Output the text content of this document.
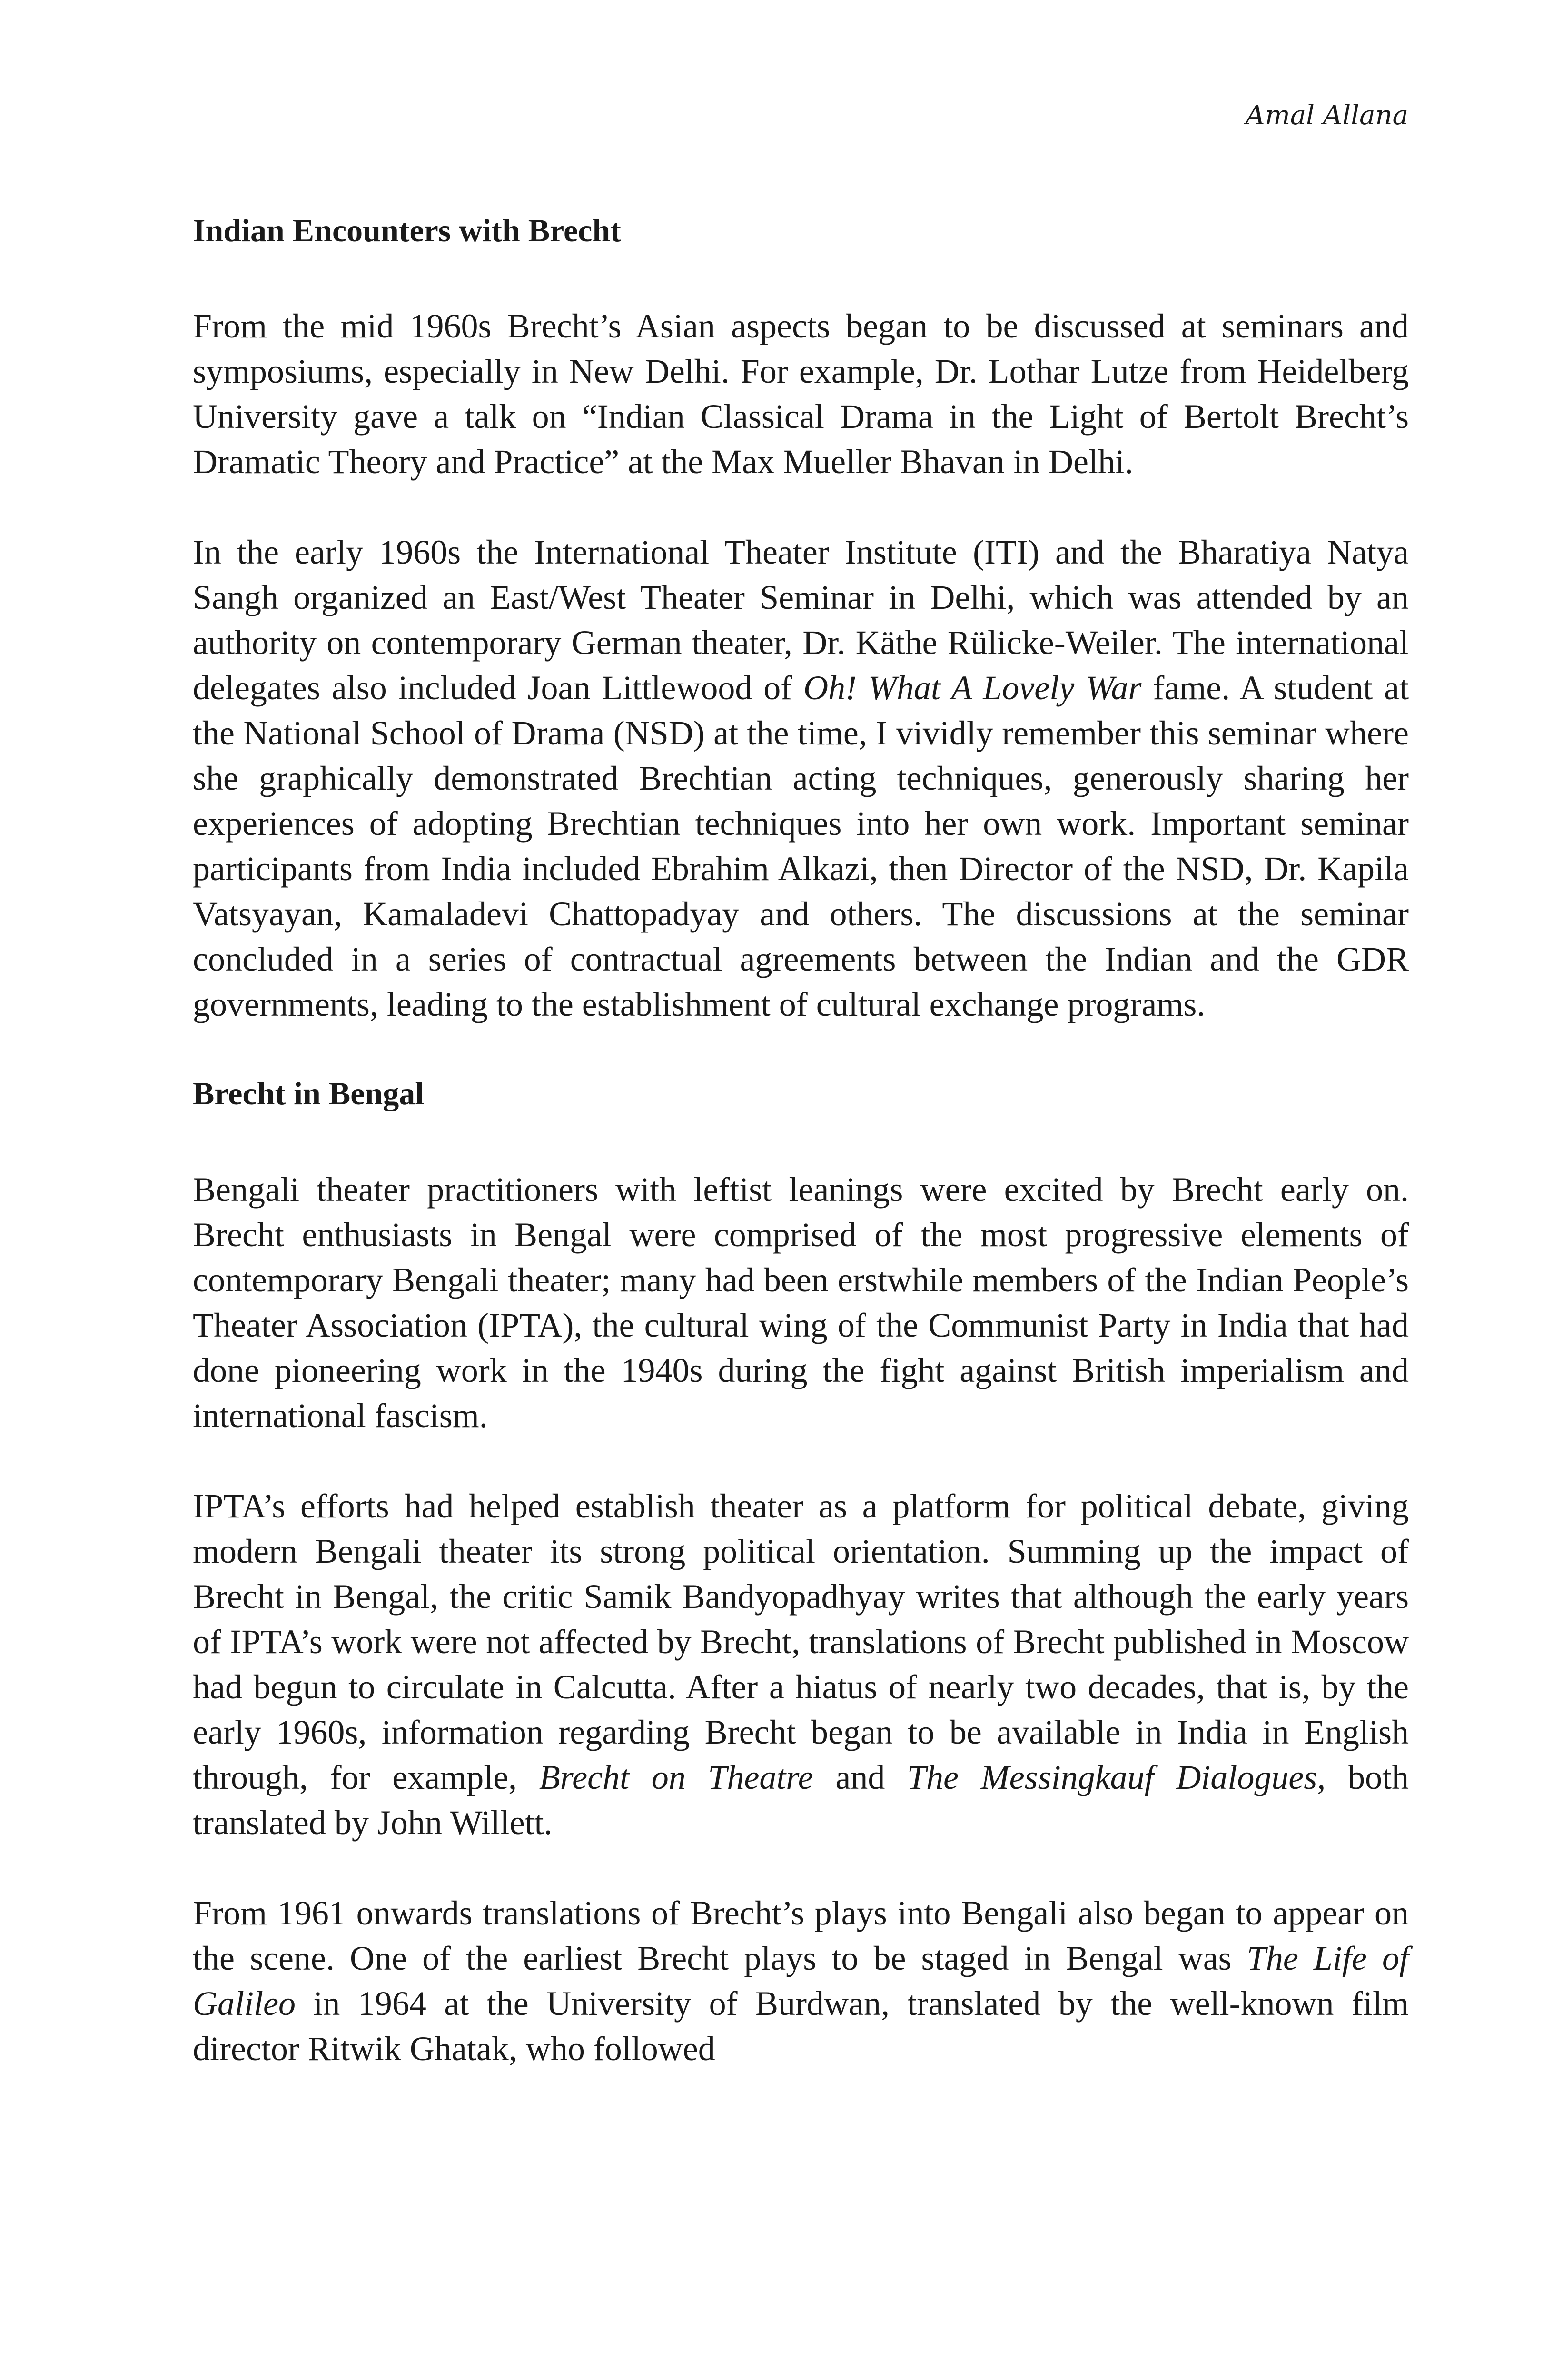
Amal Allana
Indian Encounters with Brecht

From the mid 1960s Brecht’s Asian aspects began to be discussed at seminars and symposiums, especially in New Delhi. For example, Dr. Lothar Lutze from Heidelberg University gave a talk on “Indian Classical Drama in the Light of Bertolt Brecht’s Dramatic Theory and Practice” at the Max Mueller Bhavan in Delhi.

In the early 1960s the International Theater Institute (ITI) and the Bharatiya Natya Sangh organized an East/West Theater Seminar in Delhi, which was attended by an authority on contemporary German theater, Dr. Käthe Rülicke-Weiler. The international delegates also included Joan Littlewood of Oh! What A Lovely War fame. A student at the National School of Drama (NSD) at the time, I vividly remember this seminar where she graphically demonstrated Brechtian acting techniques, generously sharing her experiences of adopting Brechtian techniques into her own work. Important seminar participants from India included Ebrahim Alkazi, then Director of the NSD, Dr. Kapila Vatsyayan, Kamaladevi Chattopadyay and others. The discussions at the seminar concluded in a series of contractual agreements between the Indian and the GDR governments, leading to the establishment of cultural exchange programs.

Brecht in Bengal

Bengali theater practitioners with leftist leanings were excited by Brecht early on. Brecht enthusiasts in Bengal were comprised of the most progressive elements of contemporary Bengali theater; many had been erstwhile members of the Indian People’s Theater Association (IPTA), the cultural wing of the Communist Party in India that had done pioneering work in the 1940s during the fight against British imperialism and international fascism.

IPTA’s efforts had helped establish theater as a platform for political debate, giving modern Bengali theater its strong political orientation. Summing up the impact of Brecht in Bengal, the critic Samik Bandyopadhyay writes that although the early years of IPTA’s work were not affected by Brecht, translations of Brecht published in Moscow had begun to circulate in Calcutta. After a hiatus of nearly two decades, that is, by the early 1960s, information regarding Brecht began to be available in India in English through, for example, Brecht on Theatre and The Messingkauf Dialogues, both translated by John Willett.

From 1961 onwards translations of Brecht’s plays into Bengali also began to appear on the scene. One of the earliest Brecht plays to be staged in Bengal was The Life of Galileo in 1964 at the University of Burdwan, translated by the well-known film director Ritwik Ghatak, who followed
